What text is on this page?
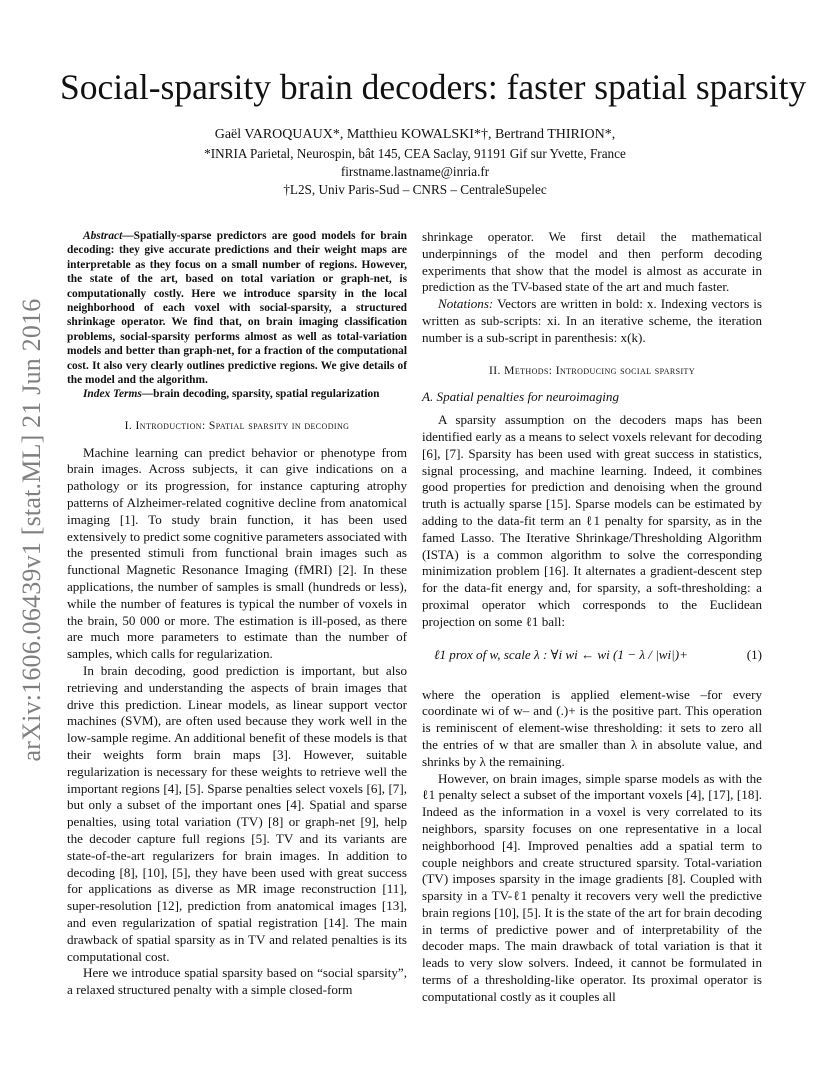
arXiv:1606.06439v1 [stat.ML] 21 Jun 2016
Social-sparsity brain decoders: faster spatial sparsity
Gaël VAROQUAUX*, Matthieu KOWALSKI*†, Bertrand THIRION*,
*INRIA Parietal, Neurospin, bât 145, CEA Saclay, 91191 Gif sur Yvette, France
firstname.lastname@inria.fr
†L2S, Univ Paris-Sud – CNRS – CentraleSupelec

Abstract—Spatially-sparse predictors are good models for brain decoding: they give accurate predictions and their weight maps are interpretable as they focus on a small number of regions. However, the state of the art, based on total variation or graph-net, is computationally costly. Here we introduce sparsity in the local neighborhood of each voxel with social-sparsity, a structured shrinkage operator. We find that, on brain imaging classification problems, social-sparsity performs almost as well as total-variation models and better than graph-net, for a fraction of the computational cost. It also very clearly outlines predictive regions. We give details of the model and the algorithm.

Index Terms—brain decoding, sparsity, spatial regularization

I. Introduction: Spatial sparsity in decoding

Machine learning can predict behavior or phenotype from brain images. Across subjects, it can give indications on a pathology or its progression, for instance capturing atrophy patterns of Alzheimer-related cognitive decline from anatomical imaging [1]. To study brain function, it has been used extensively to predict some cognitive parameters associated with the presented stimuli from functional brain images such as functional Magnetic Resonance Imaging (fMRI) [2]. In these applications, the number of samples is small (hundreds or less), while the number of features is typical the number of voxels in the brain, 50 000 or more. The estimation is ill-posed, as there are much more parameters to estimate than the number of samples, which calls for regularization.

In brain decoding, good prediction is important, but also retrieving and understanding the aspects of brain images that drive this prediction. Linear models, as linear support vector machines (SVM), are often used because they work well in the low-sample regime. An additional benefit of these models is that their weights form brain maps [3]. However, suitable regularization is necessary for these weights to retrieve well the important regions [4], [5]. Sparse penalties select voxels [6], [7], but only a subset of the important ones [4]. Spatial and sparse penalties, using total variation (TV) [8] or graph-net [9], help the decoder capture full regions [5]. TV and its variants are state-of-the-art regularizers for brain images. In addition to decoding [8], [10], [5], they have been used with great success for applications as diverse as MR image reconstruction [11], super-resolution [12], prediction from anatomical images [13], and even regularization of spatial registration [14]. The main drawback of spatial sparsity as in TV and related penalties is its computational cost.

Here we introduce spatial sparsity based on “social sparsity”, a relaxed structured penalty with a simple closed-form

shrinkage operator. We first detail the mathematical underpinnings of the model and then perform decoding experiments that show that the model is almost as accurate in prediction as the TV-based state of the art and much faster.

Notations: Vectors are written in bold: x. Indexing vectors is written as sub-scripts: xi. In an iterative scheme, the iteration number is a sub-script in parenthesis: x(k).

II. Methods: Introducing social sparsity
A. Spatial penalties for neuroimaging

A sparsity assumption on the decoders maps has been identified early as a means to select voxels relevant for decoding [6], [7]. Sparsity has been used with great success in statistics, signal processing, and machine learning. Indeed, it combines good properties for prediction and denoising when the ground truth is actually sparse [15]. Sparse models can be estimated by adding to the data-fit term an ℓ1 penalty for sparsity, as in the famed Lasso. The Iterative Shrinkage/Thresholding Algorithm (ISTA) is a common algorithm to solve the corresponding minimization problem [16]. It alternates a gradient-descent step for the data-fit energy and, for sparsity, a soft-thresholding: a proximal operator which corresponds to the Euclidean projection on some ℓ1 ball:

ℓ1 prox of w, scale λ : ∀i wi ← wi (1 − λ / |wi|)+	(1)

where the operation is applied element-wise –for every coordinate wi of w– and (.)+ is the positive part. This operation is reminiscent of element-wise thresholding: it sets to zero all the entries of w that are smaller than λ in absolute value, and shrinks by λ the remaining.

However, on brain images, simple sparse models as with the ℓ1 penalty select a subset of the important voxels [4], [17], [18]. Indeed as the information in a voxel is very correlated to its neighbors, sparsity focuses on one representative in a local neighborhood [4]. Improved penalties add a spatial term to couple neighbors and create structured sparsity. Total-variation (TV) imposes sparsity in the image gradients [8]. Coupled with sparsity in a TV-ℓ1 penalty it recovers very well the predictive brain regions [10], [5]. It is the state of the art for brain decoding in terms of predictive power and of interpretability of the decoder maps. The main drawback of total variation is that it leads to very slow solvers. Indeed, it cannot be formulated in terms of a thresholding-like operator. Its proximal operator is computational costly as it couples all
